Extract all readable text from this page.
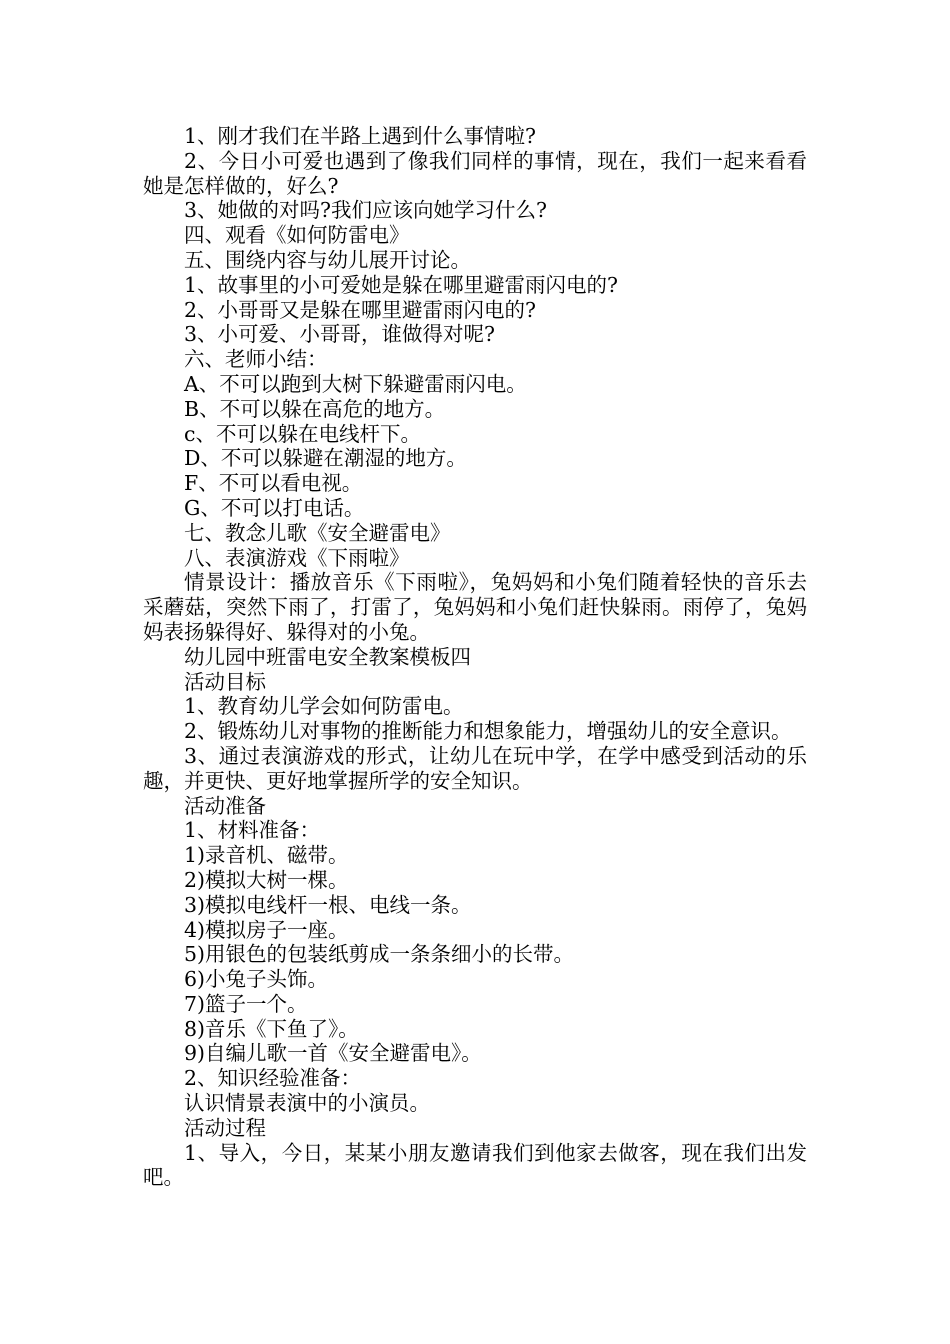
1、刚才我们在半路上遇到什么事情啦?

2、今日小可爱也遇到了像我们同样的事情，现在，我们一起来看看她是怎样做的，好么?

3、她做的对吗?我们应该向她学习什么?

四、观看《如何防雷电》

五、围绕内容与幼儿展开讨论。

1、故事里的小可爱她是躲在哪里避雷雨闪电的?

2、小哥哥又是躲在哪里避雷雨闪电的?

3、小可爱、小哥哥，谁做得对呢?

六、老师小结：

A、不可以跑到大树下躲避雷雨闪电。

B、不可以躲在高危的地方。

c、不可以躲在电线杆下。

D、不可以躲避在潮湿的地方。

F、不可以看电视。

G、不可以打电话。

七、教念儿歌《安全避雷电》

八、表演游戏《下雨啦》

情景设计：播放音乐《下雨啦》，兔妈妈和小兔们随着轻快的音乐去采蘑菇，突然下雨了，打雷了，兔妈妈和小兔们赶快躲雨。雨停了，兔妈妈表扬躲得好、躲得对的小兔。

幼儿园中班雷电安全教案模板四

活动目标

1、教育幼儿学会如何防雷电。

2、锻炼幼儿对事物的推断能力和想象能力，增强幼儿的安全意识。

3、通过表演游戏的形式，让幼儿在玩中学，在学中感受到活动的乐趣，并更快、更好地掌握所学的安全知识。

活动准备

1、材料准备：

1)录音机、磁带。

2)模拟大树一棵。

3)模拟电线杆一根、电线一条。

4)模拟房子一座。

5)用银色的包装纸剪成一条条细小的长带。

6)小兔子头饰。

7)篮子一个。

8)音乐《下鱼了》。

9)自编儿歌一首《安全避雷电》。

2、知识经验准备：

认识情景表演中的小演员。

活动过程

1、导入，今日，某某小朋友邀请我们到他家去做客，现在我们出发吧。
